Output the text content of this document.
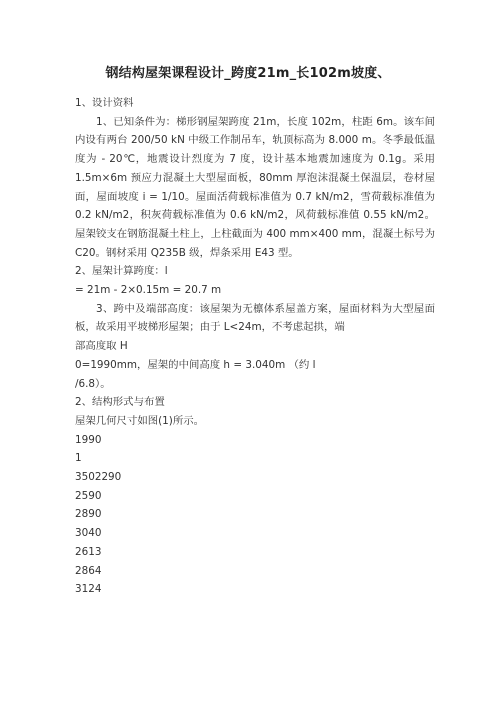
钢结构屋架课程设计_跨度21m_长102m坡度、

1、设计资料

1、已知条件为：梯形钢屋架跨度 21m，长度 102m，柱距 6m。该车间内设有两台 200/50 kN 中级工作制吊车，轨顶标高为 8.000 m。冬季最低温度为 - 20℃，地震设计烈度为 7 度，设计基本地震加速度为 0.1g。采用 1.5m×6m 预应力混凝土大型屋面板，80mm 厚泡沫混凝土保温层，卷材屋面，屋面坡度 i = 1/10。屋面活荷载标准值为 0.7 kN/m2，雪荷载标准值为 0.2 kN/m2，积灰荷载标准值为 0.6 kN/m2，风荷载标准值 0.55 kN/m2。屋架铰支在钢筋混凝土柱上，上柱截面为 400 mm×400 mm，混凝土标号为 C20。钢材采用 Q235B 级，焊条采用 E43 型。

2、屋架计算跨度：l

= 21m - 2×0.15m = 20.7 m

3、跨中及端部高度：该屋架为无檩体系屋盖方案，屋面材料为大型屋面板，故采用平坡梯形屋架；由于 L<24m，不考虑起拱，端

部高度取 H

0=1990mm，屋架的中间高度 h = 3.040m （约 l

/6.8）。

2、结构形式与布置

屋架几何尺寸如图(1)所示。

1990

1

3502290

2590

2890

3040

2613

2864

3124
